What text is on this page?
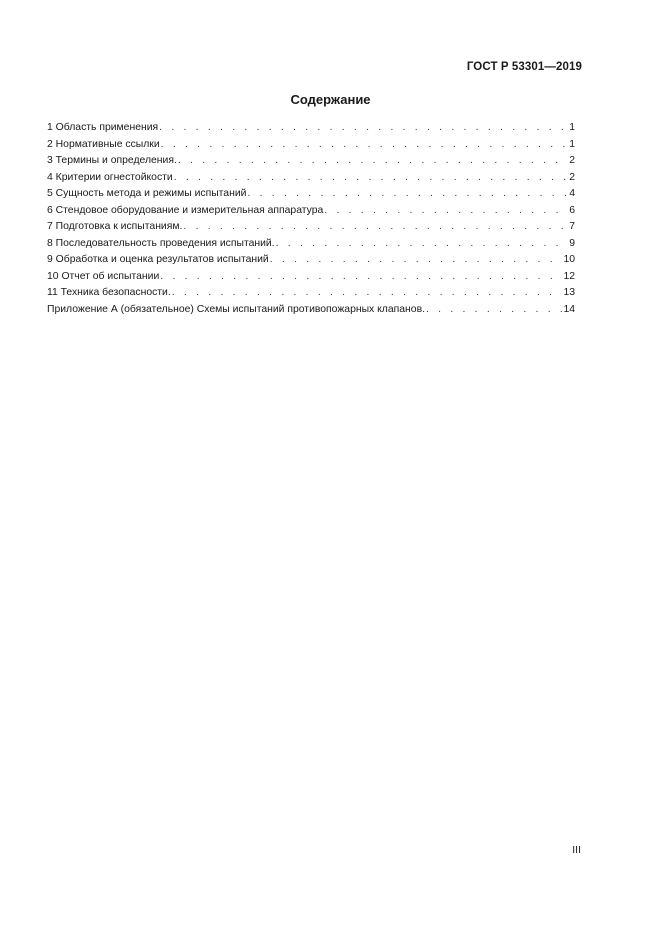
ГОСТ Р 53301—2019
Содержание
1 Область применения . . .	1
2 Нормативные ссылки . . .	1
3 Термины и определения. . . .	2
4 Критерии огнестойкости . . .	2
5 Сущность метода и режимы испытаний . . .	4
6 Стендовое оборудование и измерительная аппаратура . . .	6
7 Подготовка к испытаниям. . . .	7
8 Последовательность проведения испытаний. . . .	9
9 Обработка и оценка результатов испытаний . . .	10
10 Отчет об испытании . . .	12
11 Техника безопасности. . . .	13
Приложение А (обязательное) Схемы испытаний противопожарных клапанов. . . .	14
III
